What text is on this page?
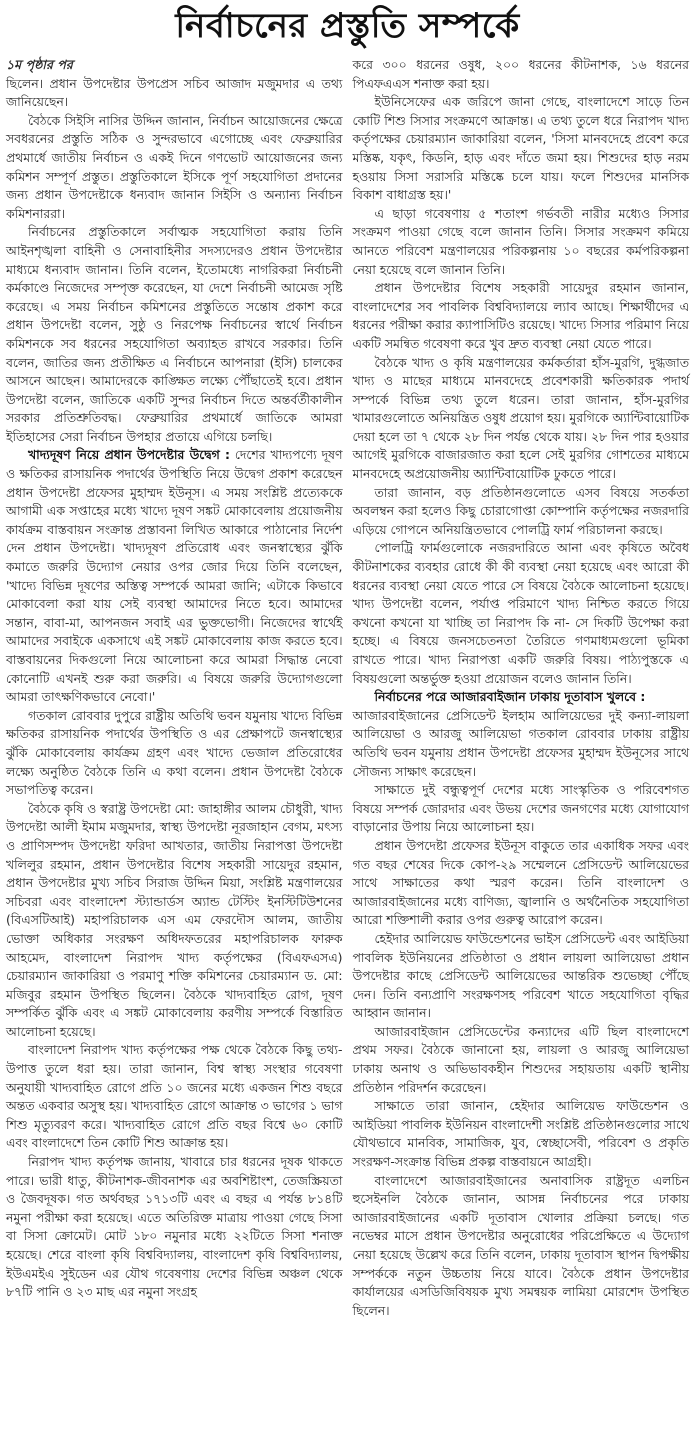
নির্বাচনের প্রস্তুতি সম্পর্কে
১ম পৃষ্ঠার পর

ছিলেন। প্রধান উপদেষ্টার উপপ্রেস সচিব আজাদ মজুমদার এ তথ্য জানিয়েছেন।

বৈঠকে সিইসি নাসির উদ্দিন জানান, নির্বাচন আয়োজনের ক্ষেত্রে সবধরনের প্রস্তুতি সঠিক ও সুন্দরভাবে এগোচ্ছে এবং ফেব্রুয়ারির প্রথমার্ধে জাতীয় নির্বাচন ও একই দিনে গণভোট আয়োজনের জন্য কমিশন সম্পূর্ণ প্রস্তুত। প্রস্তুতিকালে ইসিকে পূর্ণ সহযোগিতা প্রদানের জন্য প্রধান উপদেষ্টাকে ধন্যবাদ জানান সিইসি ও অন্যান্য নির্বাচন কমিশনাররা।

নির্বাচনের প্রস্তুতিকালে সর্বাত্মক সহযোগিতা করায় তিনি আইনশৃঙ্খলা বাহিনী ও সেনাবাহিনীর সদস্যদেরও প্রধান উপদেষ্টার মাধ্যমে ধন্যবাদ জানান। তিনি বলেন, ইতোমধ্যে নাগরিকরা নির্বাচনী কর্মকাণ্ডে নিজেদের সম্পৃক্ত করেছেন, যা দেশে নির্বাচনী আমেজ সৃষ্টি করেছে। এ সময় নির্বাচন কমিশনের প্রস্তুতিতে সন্তোষ প্রকাশ করে প্রধান উপদেষ্টা বলেন, সুষ্ঠু ও নিরপেক্ষ নির্বাচনের স্বার্থে নির্বাচন কমিশনকে সব ধরনের সহযোগিতা অব্যাহত রাখবে সরকার। তিনি বলেন, জাতির জন্য প্রতীক্ষিত এ নির্বাচনে আপনারা (ইসি) চালকের আসনে আছেন। আমাদেরকে কাঙ্ক্ষিত লক্ষ্যে পৌঁছাতেই হবে। প্রধান উপদেষ্টা বলেন, জাতিকে একটি সুন্দর নির্বাচন দিতে অন্তর্বর্তীকালীন সরকার প্রতিশ্রুতিবদ্ধ। ফেব্রুয়ারির প্রথমার্ধে জাতিকে আমরা ইতিহাসের সেরা নির্বাচন উপহার প্রতায়ে এগিয়ে চলছি।

খাদ্যদূষণ নিয়ে প্রধান উপদেষ্টার উদ্বেগ : দেশের খাদ্যপণ্যে দূষণ ও ক্ষতিকর রাসায়নিক পদার্থের উপস্থিতি নিয়ে উদ্বেগ প্রকাশ করেছেন প্রধান উপদেষ্টা প্রফেসর মুহাম্মদ ইউনূস। এ সময় সংশ্লিষ্ট প্রত্যেককে আগামী এক সপ্তাহের মধ্যে খাদ্যে দূষণ সঙ্কট মোকাবেলায় প্রয়োজনীয় কার্যক্রম বাস্তবায়ন সংক্রান্ত প্রস্তাবনা লিখিত আকারে পাঠানোর নির্দেশ দেন প্রধান উপদেষ্টা। খাদ্যদূষণ প্রতিরোধ এবং জনস্বাস্থ্যের ঝুঁকি কমাতে জরুরি উদ্যোগ নেয়ার ওপর জোর দিয়ে তিনি বলেছেন, 'খাদ্যে বিভিন্ন দূষণের অস্তিত্ব সম্পর্কে আমরা জানি; এটাকে কিভাবে মোকাবেলা করা যায় সেই ব্যবস্থা আমাদের নিতে হবে। আমাদের সন্তান, বাবা-মা, আপনজন সবাই এর ভুক্তভোগী। নিজেদের স্বার্থেই আমাদের সবাইকে একসাথে এই সঙ্কট মোকাবেলায় কাজ করতে হবে। বাস্তবায়নের দিকগুলো নিয়ে আলোচনা করে আমরা সিদ্ধান্ত নেবো কোনোটি এখনই শুরু করা জরুরি। এ বিষয়ে জরুরি উদ্যোগগুলো আমরা তাৎক্ষণিকভাবে নেবো।'

গতকাল রোববার দুপুরে রাষ্ট্রীয় অতিথি ভবন যমুনায় খাদ্যে বিভিন্ন ক্ষতিকর রাসায়নিক পদার্থের উপস্থিতি ও এর প্রেক্ষাপটে জনস্বাস্থ্যের ঝুঁকি মোকাবেলায় কার্যক্রম গ্রহণ এবং খাদ্যে ভেজাল প্রতিরোধের লক্ষ্যে অনুষ্ঠিত বৈঠকে তিনি এ কথা বলেন। প্রধান উপদেষ্টা বৈঠকে সভাপতিত্ব করেন।

বৈঠকে কৃষি ও স্বরাষ্ট্র উপদেষ্টা মো: জাহাঙ্গীর আলম চৌধুরী, খাদ্য উপদেষ্টা আলী ইমাম মজুমদার, স্বাস্থ্য উপদেষ্টা নূরজাহান বেগম, মৎস্য ও প্রাণিসম্পদ উপদেষ্টা ফরিদা আখতার, জাতীয় নিরাপত্তা উপদেষ্টা খলিলুর রহমান, প্রধান উপদেষ্টার বিশেষ সহকারী সায়েদুর রহমান, প্রধান উপদেষ্টার মুখ্য সচিব সিরাজ উদ্দিন মিয়া, সংশ্লিষ্ট মন্ত্রণালয়ের সচিবরা এবং বাংলাদেশ স্ট্যান্ডার্ডস অ্যান্ড টেস্টিং ইনস্টিটিউশনের (বিএসটিআই) মহাপরিচালক এস এম ফেরদৌস আলম, জাতীয় ভোক্তা অধিকার সংরক্ষণ অধিদফতরের মহাপরিচালক ফারুক আহমেদ, বাংলাদেশ নিরাপদ খাদ্য কর্তৃপক্ষের (বিএফএসএ) চেয়ারম্যান জাকারিয়া ও পরমাণু শক্তি কমিশনের চেয়ারম্যান ড. মো: মজিবুর রহমান উপস্থিত ছিলেন। বৈঠকে খাদ্যবাহিত রোগ, দূষণ সম্পর্কিত ঝুঁকি এবং এ সঙ্কট মোকাবেলায় করণীয় সম্পর্কে বিস্তারিত আলোচনা হয়েছে।

বাংলাদেশ নিরাপদ খাদ্য কর্তৃপক্ষের পক্ষ থেকে বৈঠকে কিছু তথ্য-উপাত্ত তুলে ধরা হয়। তারা জানান, বিশ্ব স্বাস্থ্য সংস্থার গবেষণা অনুযায়ী খাদ্যবাহিত রোগে প্রতি ১০ জনের মধ্যে একজন শিশু বছরে অন্তত একবার অসুস্থ হয়। খাদ্যবাহিত রোগে আক্রান্ত ৩ ভাগের ১ ভাগ শিশু মৃত্যুবরণ করে। খাদ্যবাহিত রোগে প্রতি বছর বিশ্বে ৬০ কোটি এবং বাংলাদেশে তিন কোটি শিশু আক্রান্ত হয়।

নিরাপদ খাদ্য কর্তৃপক্ষ জানায়, খাবারে চার ধরনের দূষক থাকতে পারে। ভারী ধাতু, কীটনাশক-জীবনাশক এর অবশিষ্টাংশ, তেজস্ক্রিয়তা ও জৈবদূষক। গত অর্থবছর ১৭১৩টি এবং এ বছর এ পর্যন্ত ৮১৪টি নমুনা পরীক্ষা করা হয়েছে। এতে অতিরিক্ত মাত্রায় পাওয়া গেছে সিসা বা সিসা ক্রোমেট। মোট ১৮০ নমুনার মধ্যে ২২টিতে সিসা শনাক্ত হয়েছে। শেরে বাংলা কৃষি বিশ্ববিদ্যালয়, বাংলাদেশ কৃষি বিশ্ববিদ্যালয়, ইউএমইএ সুইডেন এর যৌথ গবেষণায় দেশের বিভিন্ন অঞ্চল থেকে ৮৭টি পানি ও ২৩ মাছ এর নমুনা সংগ্রহ

করে ৩০০ ধরনের ওষুধ, ২০০ ধরনের কীটনাশক, ১৬ ধরনের পিএফএএস শনাক্ত করা হয়।

ইউনিসেফের এক জরিপে জানা গেছে, বাংলাদেশে সাড়ে তিন কোটি শিশু সিসার সংক্রমণে আক্রান্ত। এ তথ্য তুলে ধরে নিরাপদ খাদ্য কর্তৃপক্ষের চেয়ারম্যান জাকারিয়া বলেন, 'সিসা মানবদেহে প্রবেশ করে মস্তিষ্ক, যকৃৎ, কিডনি, হাড় এবং দাঁতে জমা হয়। শিশুদের হাড় নরম হওয়ায় সিসা সরাসরি মস্তিষ্কে চলে যায়। ফলে শিশুদের মানসিক বিকাশ বাধাগ্রস্ত হয়।'

এ ছাড়া গবেষণায় ৫ শতাংশ গর্ভবতী নারীর মধ্যেও সিসার সংক্রমণ পাওয়া গেছে বলে জানান তিনি। সিসার সংক্রমণ কমিয়ে আনতে পরিবেশ মন্ত্রণালয়ের পরিকল্পনায় ১০ বছরের কর্মপরিকল্পনা নেয়া হয়েছে বলে জানান তিনি।

প্রধান উপদেষ্টার বিশেষ সহকারী সায়েদুর রহমান জানান, বাংলাদেশের সব পাবলিক বিশ্ববিদ্যালয়ে ল্যাব আছে। শিক্ষার্থীদের এ ধরনের পরীক্ষা করার ক্যাপাসিটিও রয়েছে। খাদ্যে সিসার পরিমাণ নিয়ে একটি সমন্বিত গবেষণা করে খুব দ্রুত ব্যবস্থা নেয়া যেতে পারে।

বৈঠকে খাদ্য ও কৃষি মন্ত্রণালয়ের কর্মকর্তারা হাঁস-মুরগি, দুগ্ধজাত খাদ্য ও মাছের মাধ্যমে মানবদেহে প্রবেশকারী ক্ষতিকারক পদার্থ সম্পর্কে বিভিন্ন তথ্য তুলে ধরেন। তারা জানান, হাঁস-মুরগির খামারগুলোতে অনিয়ন্ত্রিত ওষুধ প্রয়োগ হয়। মুরগিকে অ্যান্টিবায়োটিক দেয়া হলে তা ৭ থেকে ২৮ দিন পর্যন্ত থেকে যায়। ২৮ দিন পার হওয়ার আগেই মুরগিকে বাজারজাত করা হলে সেই মুরগির গোশতের মাধ্যমে মানবদেহে অপ্রয়োজনীয় অ্যান্টিবায়োটিক ঢুকতে পারে।

তারা জানান, বড় প্রতিষ্ঠানগুলোতে এসব বিষয়ে সতর্কতা অবলম্বন করা হলেও কিছু চোরাগোপ্তা কোম্পানি কর্তৃপক্ষের নজরদারি এড়িয়ে গোপনে অনিয়ন্ত্রিতভাবে পোলট্রি ফার্ম পরিচালনা করছে।

পোলট্রি ফার্মগুলোকে নজরদারিতে আনা এবং কৃষিতে অবৈধ কীটনাশকের ব্যবহার রোধে কী কী ব্যবস্থা নেয়া হয়েছে এবং আরো কী ধরনের ব্যবস্থা নেয়া যেতে পারে সে বিষয়ে বৈঠকে আলোচনা হয়েছে। খাদ্য উপদেষ্টা বলেন, পর্যাপ্ত পরিমাণে খাদ্য নিশ্চিত করতে গিয়ে কখনো কখনো যা খাচ্ছি তা নিরাপদ কি না- সে দিকটি উপেক্ষা করা হচ্ছে। এ বিষয়ে জনসচেতনতা তৈরিতে গণমাধ্যমগুলো ভূমিকা রাখতে পারে। খাদ্য নিরাপত্তা একটি জরুরি বিষয়। পাঠ্যপুস্তকে এ বিষয়গুলো অন্তর্ভুক্ত হওয়া প্রয়োজন বলেও জানান তিনি।

নির্বাচনের পরে আজারবাইজান ঢাকায় দূতাবাস খুলবে :
আজারবাইজানের প্রেসিডেন্ট ইলহাম আলিয়েভের দুই কন্যা-লায়লা আলিয়েভা ও আরজু আলিয়েভা গতকাল রোববার ঢাকায় রাষ্ট্রীয় অতিথি ভবন যমুনায় প্রধান উপদেষ্টা প্রফেসর মুহাম্মদ ইউনূসের সাথে সৌজন্য সাক্ষাৎ করেছেন।

সাক্ষাতে দুই বন্ধুত্বপূর্ণ দেশের মধ্যে সাংস্কৃতিক ও পরিবেশগত বিষয়ে সম্পর্ক জোরদার এবং উভয় দেশের জনগণের মধ্যে যোগাযোগ বাড়ানোর উপায় নিয়ে আলোচনা হয়।

প্রধান উপদেষ্টা প্রফেসর ইউনূস বাকুতে তার একাধিক সফর এবং গত বছর শেষের দিকে কোপ-২৯ সম্মেলনে প্রেসিডেন্ট আলিয়েভের সাথে সাক্ষাতের কথা স্মরণ করেন। তিনি বাংলাদেশ ও আজারবাইজানের মধ্যে বাণিজ্য, জ্বালানি ও অর্থনৈতিক সহযোগিতা আরো শক্তিশালী করার ওপর গুরুত্ব আরোপ করেন।

হেইদার আলিয়েভ ফাউন্ডেশনের ভাইস প্রেসিডেন্ট এবং আইডিয়া পাবলিক ইউনিয়নের প্রতিষ্ঠাতা ও প্রধান লায়লা আলিয়েভা প্রধান উপদেষ্টার কাছে প্রেসিডেন্ট আলিয়েভের আন্তরিক শুভেচ্ছা পৌঁছে দেন। তিনি বন্যপ্রাণি সংরক্ষণসহ পরিবেশ খাতে সহযোগিতা বৃদ্ধির আহ্বান জানান।

আজারবাইজান প্রেসিডেন্টের কন্যাদের এটি ছিল বাংলাদেশে প্রথম সফর। বৈঠকে জানানো হয়, লায়লা ও আরজু আলিয়েভা ঢাকায় অনাথ ও অভিভাবকহীন শিশুদের সহায়তায় একটি স্থানীয় প্রতিষ্ঠান পরিদর্শন করেছেন।

সাক্ষাতে তারা জানান, হেইদার আলিয়েভ ফাউন্ডেশন ও আইডিয়া পাবলিক ইউনিয়ন বাংলাদেশী সংশ্লিষ্ট প্রতিষ্ঠানগুলোর সাথে যৌথভাবে মানবিক, সামাজিক, যুব, স্বেচ্ছাসেবী, পরিবেশ ও প্রকৃতি সংরক্ষণ-সংক্রান্ত বিভিন্ন প্রকল্প বাস্তবায়নে আগ্রহী।

বাংলাদেশে আজারবাইজানের অনাবাসিক রাষ্ট্রদূত এলচিন হুসেইনলি বৈঠকে জানান, আসন্ন নির্বাচনের পরে ঢাকায় আজারবাইজানের একটি দূতাবাস খোলার প্রক্রিয়া চলছে। গত নভেম্বর মাসে প্রধান উপদেষ্টার অনুরোধের পরিপ্রেক্ষিতে এ উদ্যোগ নেয়া হয়েছে উল্লেখ করে তিনি বলেন, ঢাকায় দূতাবাস স্থাপন দ্বিপক্ষীয় সম্পর্ককে নতুন উচ্চতায় নিয়ে যাবে। বৈঠকে প্রধান উপদেষ্টার কার্যালয়ের এসডিজিবিষয়ক মুখ্য সমন্বয়ক লামিয়া মোরশেদ উপস্থিত ছিলেন।
